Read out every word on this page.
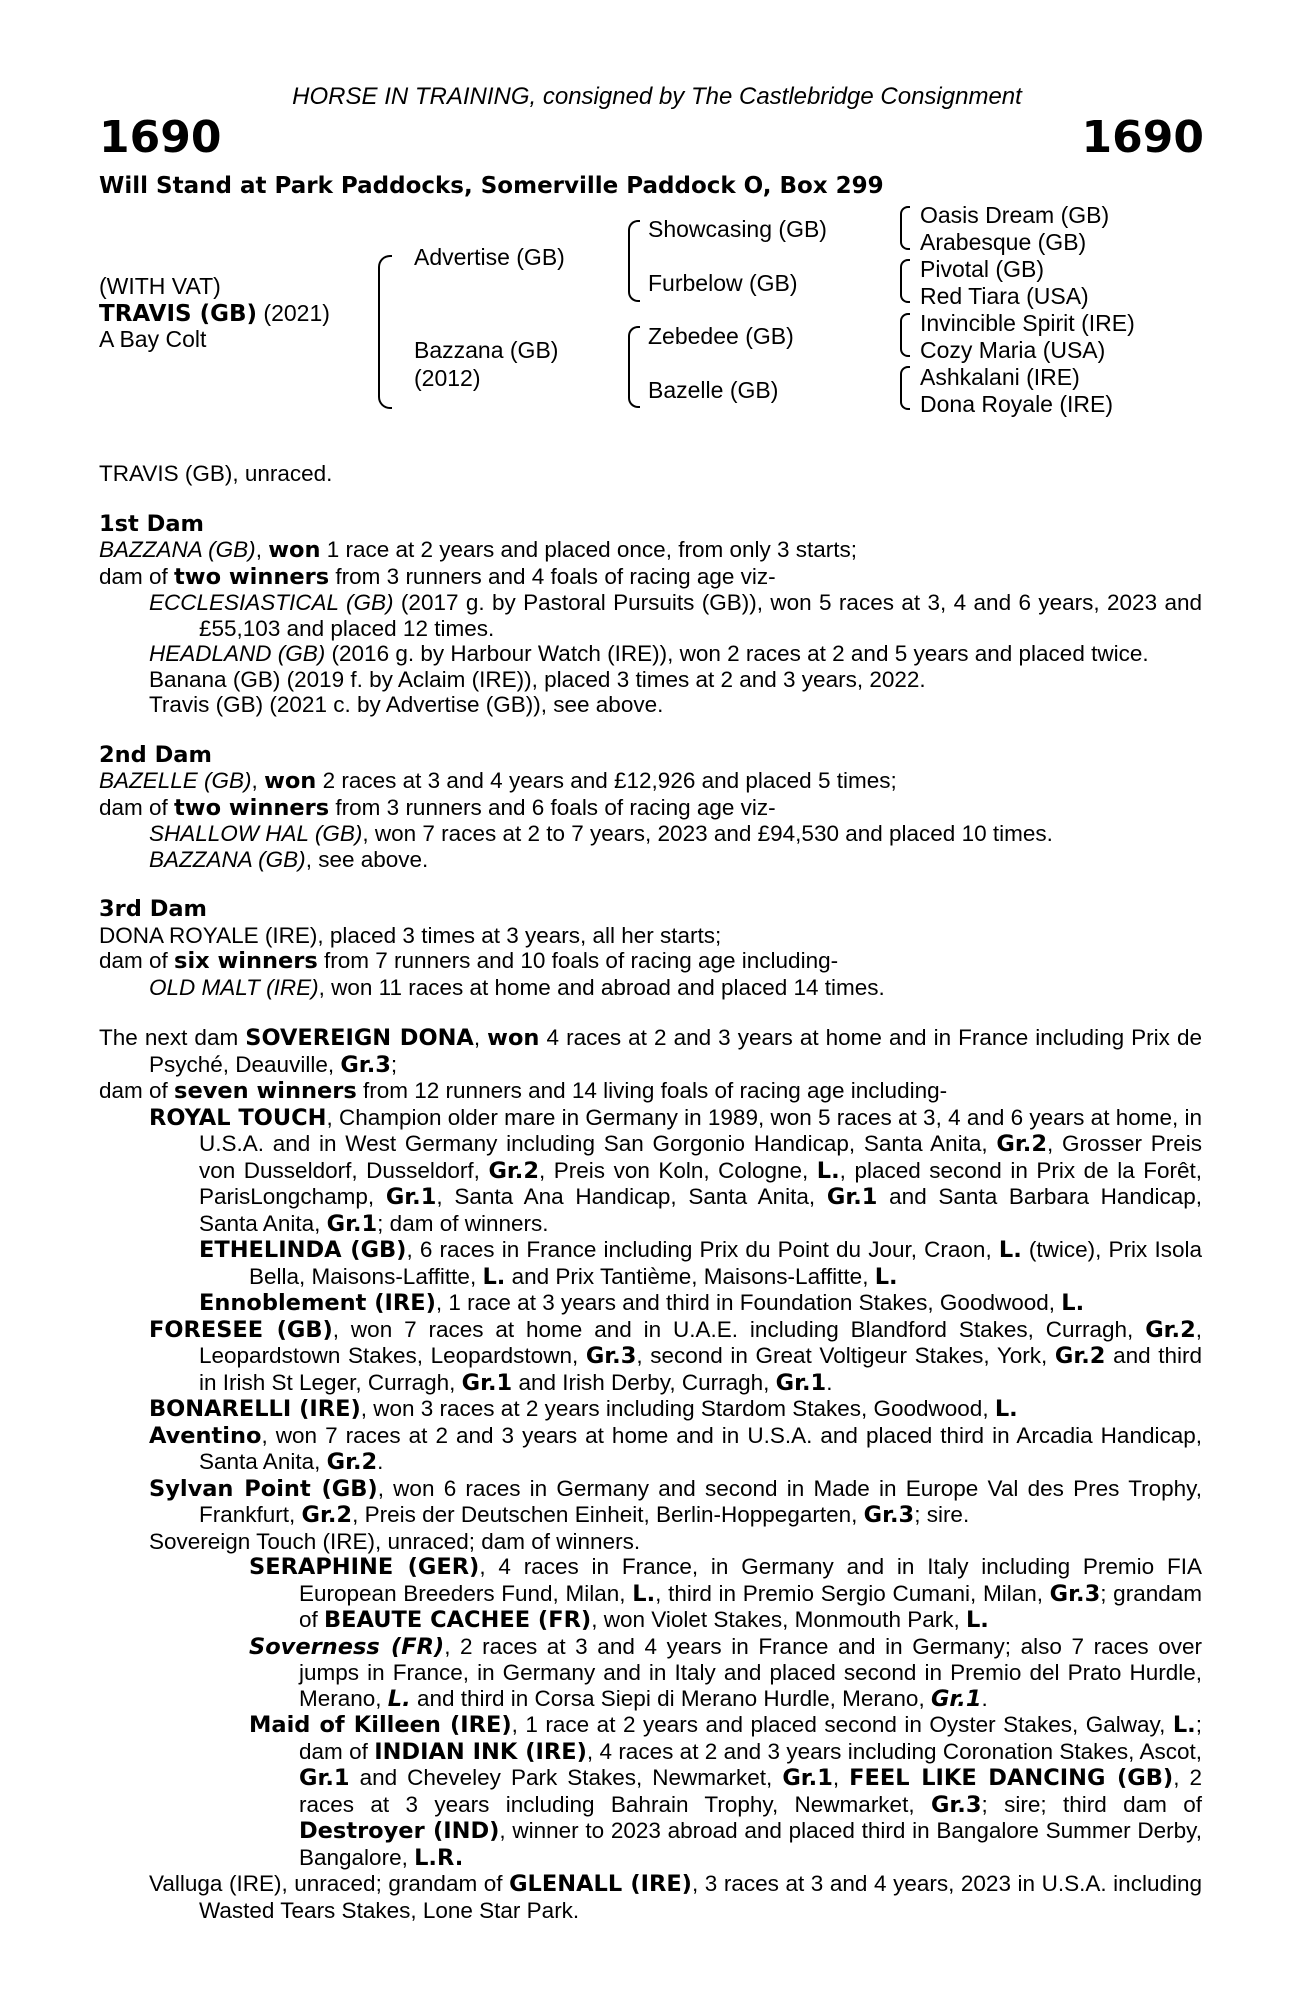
HORSE IN TRAINING, consigned by The Castlebridge Consignment
1690	1690
Will Stand at Park Paddocks, Somerville Paddock O, Box 299
(WITH VAT)
TRAVIS (GB) (2021)
A Bay Colt
Advertise (GB)
Bazzana (GB)
(2012)
Showcasing (GB)
Furbelow (GB)
Zebedee (GB)
Bazelle (GB)
Oasis Dream (GB)
Arabesque (GB)
Pivotal (GB)
Red Tiara (USA)
Invincible Spirit (IRE)
Cozy Maria (USA)
Ashkalani (IRE)
Dona Royale (IRE)

TRAVIS (GB), unraced.

1st Dam

BAZZANA (GB), won 1 race at 2 years and placed once, from only 3 starts;

dam of two winners from 3 runners and 4 foals of racing age viz-

ECCLESIASTICAL (GB) (2017 g. by Pastoral Pursuits (GB)), won 5 races at 3, 4 and 6 years, 2023 and £55,103 and placed 12 times.

HEADLAND (GB) (2016 g. by Harbour Watch (IRE)), won 2 races at 2 and 5 years and placed twice.

Banana (GB) (2019 f. by Aclaim (IRE)), placed 3 times at 2 and 3 years, 2022.

Travis (GB) (2021 c. by Advertise (GB)), see above.

2nd Dam

BAZELLE (GB), won 2 races at 3 and 4 years and £12,926 and placed 5 times;

dam of two winners from 3 runners and 6 foals of racing age viz-

SHALLOW HAL (GB), won 7 races at 2 to 7 years, 2023 and £94,530 and placed 10 times.

BAZZANA (GB), see above.

3rd Dam

DONA ROYALE (IRE), placed 3 times at 3 years, all her starts;

dam of six winners from 7 runners and 10 foals of racing age including-

OLD MALT (IRE), won 11 races at home and abroad and placed 14 times.

The next dam SOVEREIGN DONA, won 4 races at 2 and 3 years at home and in France including Prix de Psyché, Deauville, Gr.3;

dam of seven winners from 12 runners and 14 living foals of racing age including-

ROYAL TOUCH, Champion older mare in Germany in 1989, won 5 races at 3, 4 and 6 years at home, in U.S.A. and in West Germany including San Gorgonio Handicap, Santa Anita, Gr.2, Grosser Preis von Dusseldorf, Dusseldorf, Gr.2, Preis von Koln, Cologne, L., placed second in Prix de la Forêt, ParisLongchamp, Gr.1, Santa Ana Handicap, Santa Anita, Gr.1 and Santa Barbara Handicap, Santa Anita, Gr.1; dam of winners.

ETHELINDA (GB), 6 races in France including Prix du Point du Jour, Craon, L. (twice), Prix Isola Bella, Maisons-Laffitte, L. and Prix Tantième, Maisons-Laffitte, L.

Ennoblement (IRE), 1 race at 3 years and third in Foundation Stakes, Goodwood, L.

FORESEE (GB), won 7 races at home and in U.A.E. including Blandford Stakes, Curragh, Gr.2, Leopardstown Stakes, Leopardstown, Gr.3, second in Great Voltigeur Stakes, York, Gr.2 and third in Irish St Leger, Curragh, Gr.1 and Irish Derby, Curragh, Gr.1.

BONARELLI (IRE), won 3 races at 2 years including Stardom Stakes, Goodwood, L.

Aventino, won 7 races at 2 and 3 years at home and in U.S.A. and placed third in Arcadia Handicap, Santa Anita, Gr.2.

Sylvan Point (GB), won 6 races in Germany and second in Made in Europe Val des Pres Trophy, Frankfurt, Gr.2, Preis der Deutschen Einheit, Berlin-Hoppegarten, Gr.3; sire.

Sovereign Touch (IRE), unraced; dam of winners.

SERAPHINE (GER), 4 races in France, in Germany and in Italy including Premio FIA European Breeders Fund, Milan, L., third in Premio Sergio Cumani, Milan, Gr.3; grandam of BEAUTE CACHEE (FR), won Violet Stakes, Monmouth Park, L.

Soverness (FR), 2 races at 3 and 4 years in France and in Germany; also 7 races over jumps in France, in Germany and in Italy and placed second in Premio del Prato Hurdle, Merano, L. and third in Corsa Siepi di Merano Hurdle, Merano, Gr.1.

Maid of Killeen (IRE), 1 race at 2 years and placed second in Oyster Stakes, Galway, L.; dam of INDIAN INK (IRE), 4 races at 2 and 3 years including Coronation Stakes, Ascot, Gr.1 and Cheveley Park Stakes, Newmarket, Gr.1, FEEL LIKE DANCING (GB), 2 races at 3 years including Bahrain Trophy, Newmarket, Gr.3; sire; third dam of Destroyer (IND), winner to 2023 abroad and placed third in Bangalore Summer Derby, Bangalore, L.R.

Valluga (IRE), unraced; grandam of GLENALL (IRE), 3 races at 3 and 4 years, 2023 in U.S.A. including Wasted Tears Stakes, Lone Star Park.
